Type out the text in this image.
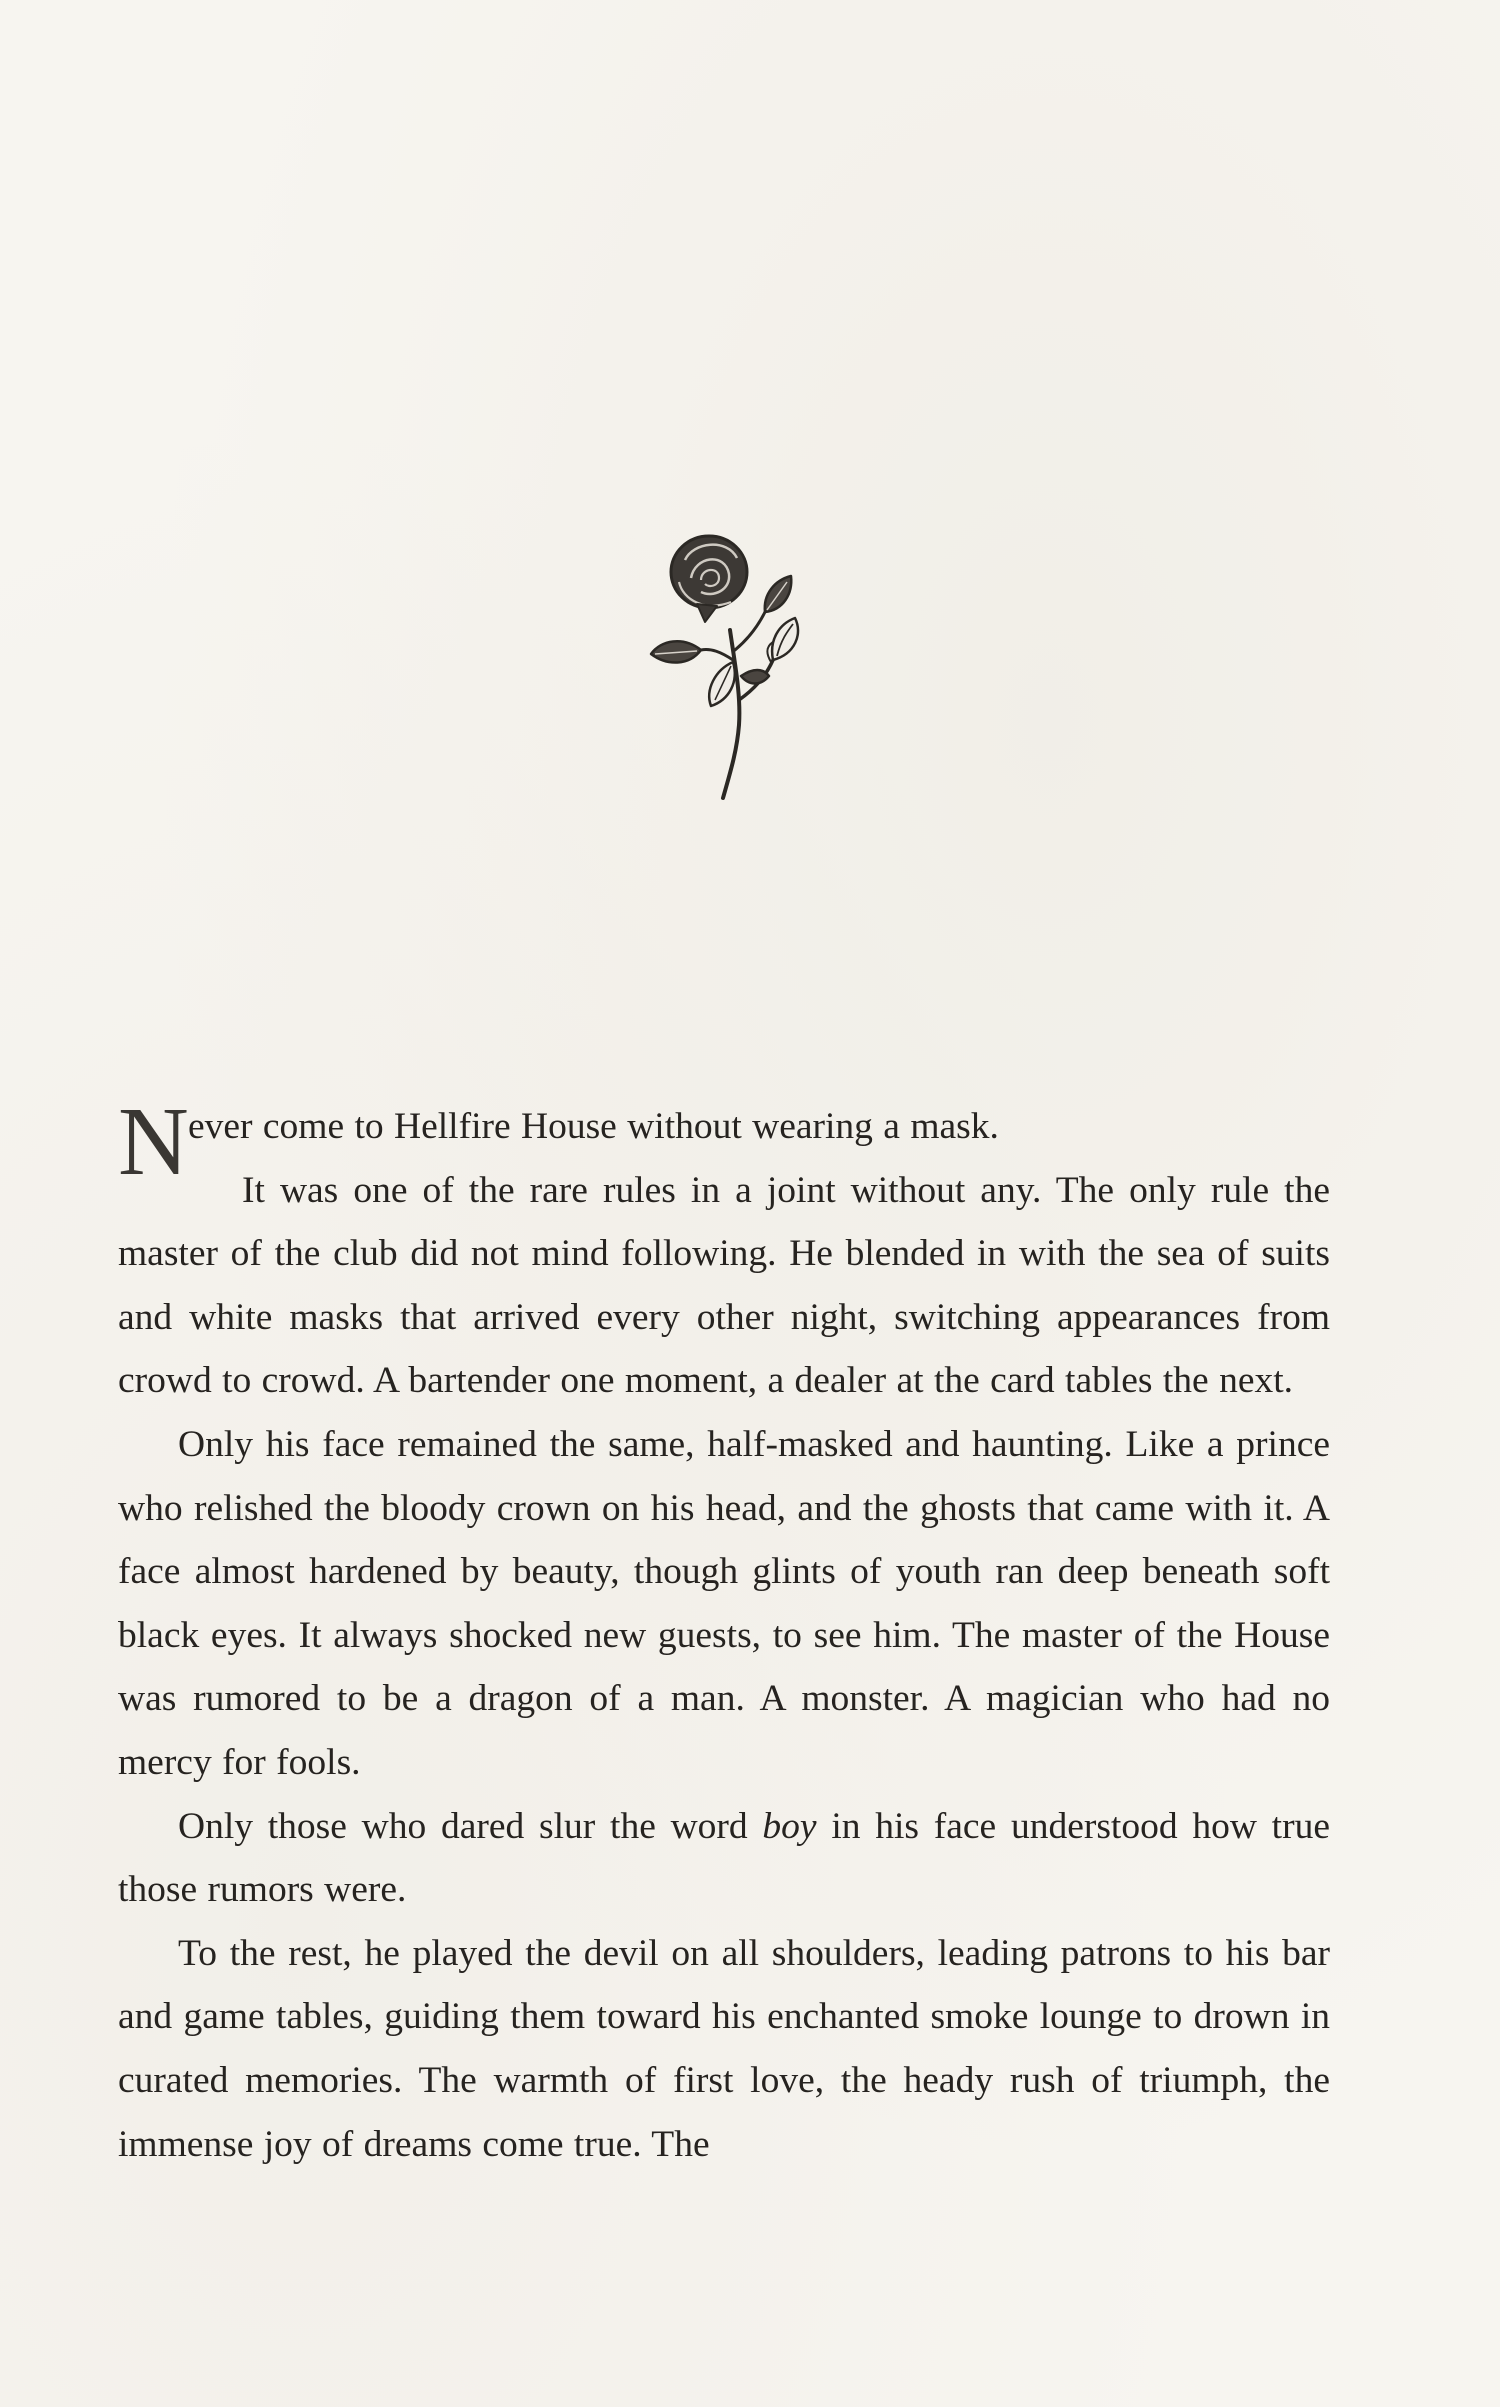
N ever come to Hellfire House without wearing a mask.

It was one of the rare rules in a joint without any. The only rule the master of the club did not mind following. He blended in with the sea of suits and white masks that arrived every other night, switching appearances from crowd to crowd. A bartender one moment, a dealer at the card tables the next.

Only his face remained the same, half-masked and haunting. Like a prince who relished the bloody crown on his head, and the ghosts that came with it. A face almost hardened by beauty, though glints of youth ran deep beneath soft black eyes. It always shocked new guests, to see him. The master of the House was rumored to be a dragon of a man. A monster. A magician who had no mercy for fools.

Only those who dared slur the word boy in his face understood how true those rumors were.

To the rest, he played the devil on all shoulders, leading patrons to his bar and game tables, guiding them toward his enchanted smoke lounge to drown in curated memories. The warmth of first love, the heady rush of triumph, the immense joy of dreams come true. The
